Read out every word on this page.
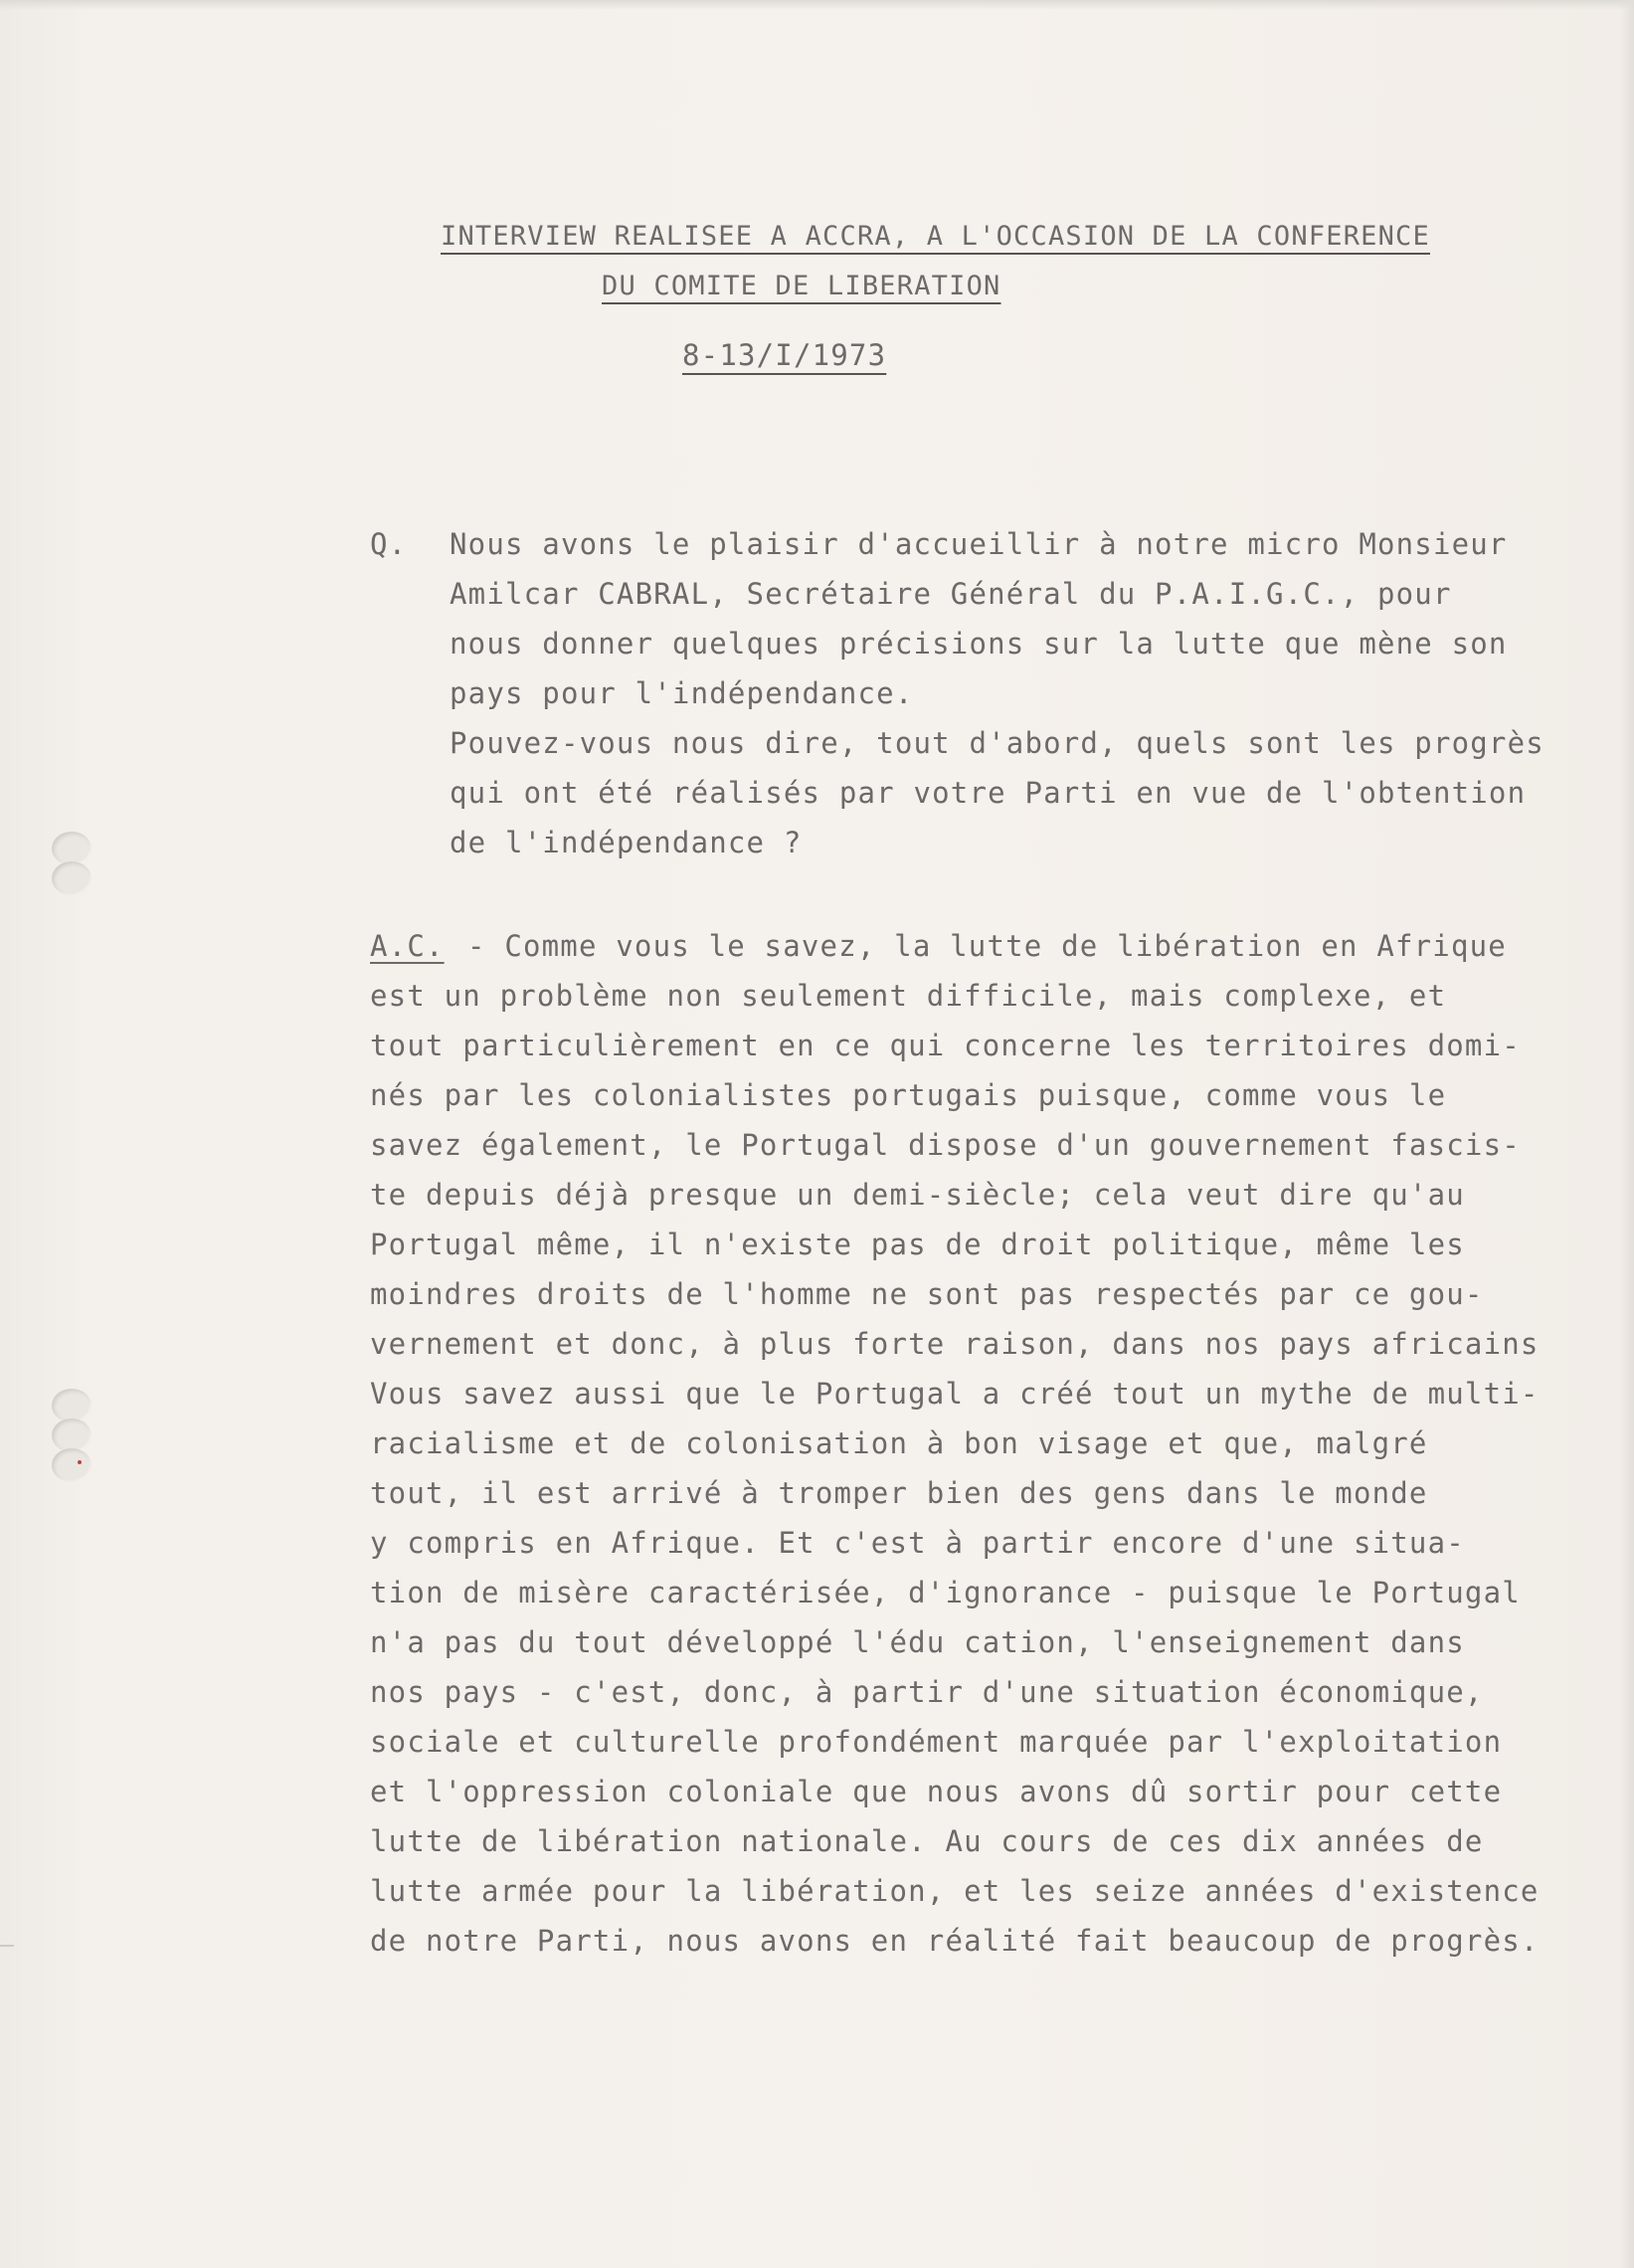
INTERVIEW REALISEE A ACCRA, A L'OCCASION DE LA CONFERENCE
DU COMITE DE LIBERATION
8-13/I/1973
Q. Nous avons le plaisir d'accueillir à notre micro Monsieur
Amilcar CABRAL, Secrétaire Général du P.A.I.G.C., pour
nous donner quelques précisions sur la lutte que mène son
pays pour l'indépendance.
Pouvez-vous nous dire, tout d'abord, quels sont les progrès
qui ont été réalisés par votre Parti en vue de l'obtention
de l'indépendance ?
A.C. - Comme vous le savez, la lutte de libération en Afrique
est un problème non seulement difficile, mais complexe, et
tout particulièrement en ce qui concerne les territoires domi-
nés par les colonialistes portugais puisque, comme vous le
savez également, le Portugal dispose d'un gouvernement fascis-
te depuis déjà presque un demi-siècle; cela veut dire qu'au
Portugal même, il n'existe pas de droit politique, même les
moindres droits de l'homme ne sont pas respectés par ce gou-
vernement et donc, à plus forte raison, dans nos pays africains
Vous savez aussi que le Portugal a créé tout un mythe de multi-
racialisme et de colonisation à bon visage et que, malgré
tout, il est arrivé à tromper bien des gens dans le monde
y compris en Afrique. Et c'est à partir encore d'une situa-
tion de misère caractérisée, d'ignorance - puisque le Portugal
n'a pas du tout développé l'édu cation, l'enseignement dans
nos pays - c'est, donc, à partir d'une situation économique,
sociale et culturelle profondément marquée par l'exploitation
et l'oppression coloniale que nous avons dû sortir pour cette
lutte de libération nationale. Au cours de ces dix années de
lutte armée pour la libération, et les seize années d'existence
de notre Parti, nous avons en réalité fait beaucoup de progrès.
